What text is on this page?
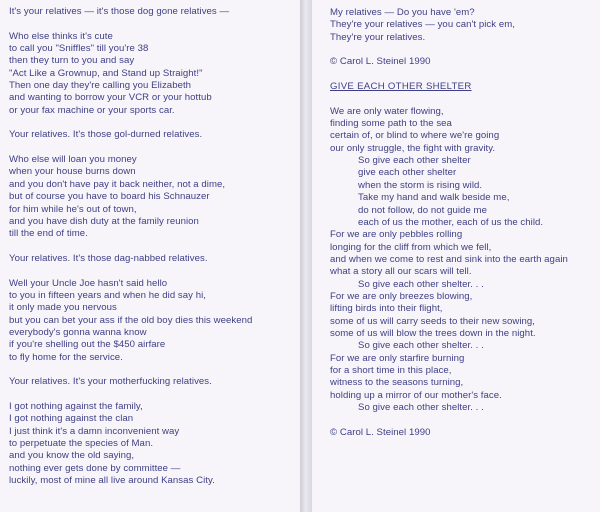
It's your relatives — it's those dog gone relatives —
Who else thinks it's cute
to call you "Sniffles" till you're 38
then they turn to you and say
"Act Like a Grownup, and Stand up Straight!"
Then one day they're calling you Elizabeth
and wanting to borrow your VCR or your hottub
or your fax machine or your sports car.
Your relatives. It's those gol-durned relatives.
Who else will loan you money
when your house burns down
and you don't have pay it back neither, not a dime,
but of course you have to board his Schnauzer
for him while he's out of town,
and you have dish duty at the family reunion
till the end of time.
Your relatives. It's those dag-nabbed relatives.
Well your Uncle Joe hasn't said hello
to you in fifteen years and when he did say hi,
it only made you nervous
but you can bet your ass if the old boy dies this weekend
everybody's gonna wanna know
if you're shelling out the $450 airfare
to fly home for the service.
Your relatives. It's your motherfucking relatives.
I got nothing against the family,
I got nothing against the clan
I just think it's a damn inconvenient way
to perpetuate the species of Man.
and you know the old saying,
nothing ever gets done by committee —
luckily, most of mine all live around Kansas City.
My relatives — Do you have 'em?
They're your relatives — you can't pick em,
They're your relatives.
© Carol L. Steinel 1990
GIVE EACH OTHER SHELTER
We are only water flowing,
finding some path to the sea
certain of, or blind to where we're going
our only struggle, the fight with gravity.
So give each other shelter
give each other shelter
when the storm is rising wild.
Take my hand and walk beside me,
do not follow, do not guide me
each of us the mother, each of us the child.
For we are only pebbles rolling
longing for the cliff from which we fell,
and when we come to rest and sink into the earth again
what a story all our scars will tell.
So give each other shelter. . .
For we are only breezes blowing,
lifting birds into their flight,
some of us will carry seeds to their new sowing,
some of us will blow the trees down in the night.
So give each other shelter. . .
For we are only starfire burning
for a short time in this place,
witness to the seasons turning,
holding up a mirror of our mother's face.
So give each other shelter. . .
© Carol L. Steinel 1990
